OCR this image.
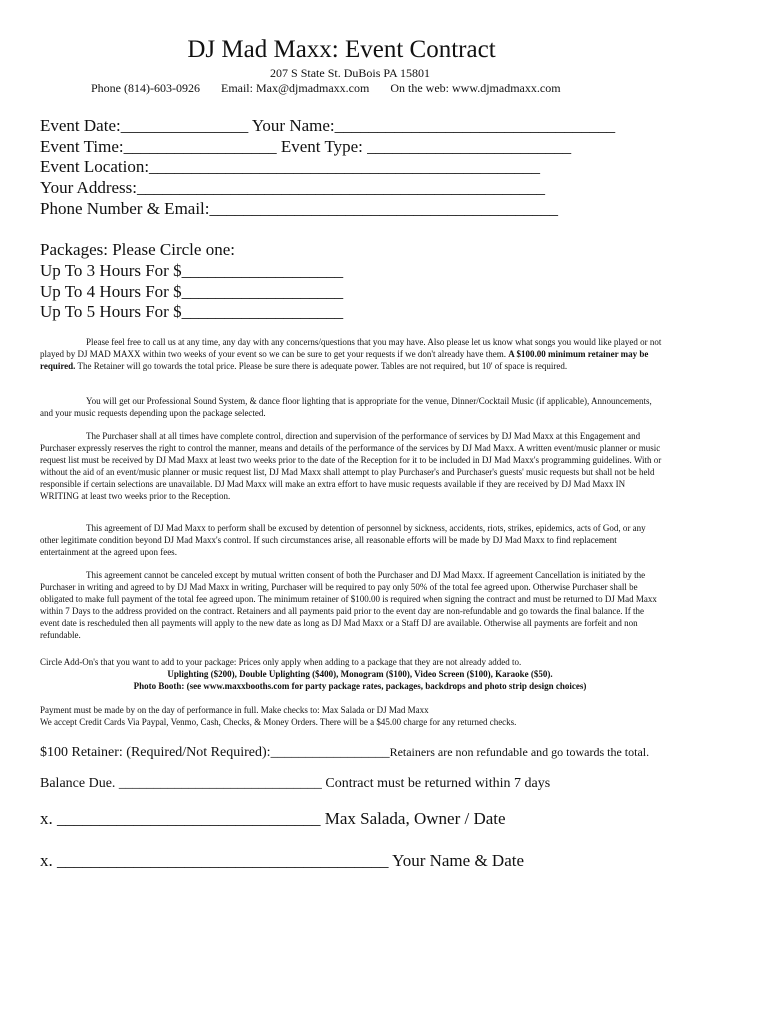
DJ Mad Maxx: Event Contract
207 S State St. DuBois PA 15801
Phone (814)-603-0926 Email: Max@djmadmaxx.com On the web: www.djmadmaxx.com
Event Date:_______________ Your Name:_________________________________
Event Time:__________________ Event Type: ________________________
Event Location:______________________________________________
Your Address:________________________________________________
Phone Number & Email:_________________________________________
Packages: Please Circle one:
Up To 3 Hours For $___________________
Up To 4 Hours For $___________________
Up To 5 Hours For $___________________

Please feel free to call us at any time, any day with any concerns/questions that you may have. Also please let us know what songs you would like played or not played by DJ MAD MAXX within two weeks of your event so we can be sure to get your requests if we don't already have them. A $100.00 minimum retainer may be required. The Retainer will go towards the total price. Please be sure there is adequate power. Tables are not required, but 10' of space is required.

You will get our Professional Sound System, & dance floor lighting that is appropriate for the venue, Dinner/Cocktail Music (if applicable), Announcements, and your music requests depending upon the package selected.

The Purchaser shall at all times have complete control, direction and supervision of the performance of services by DJ Mad Maxx at this Engagement and Purchaser expressly reserves the right to control the manner, means and details of the performance of the services by DJ Mad Maxx. A written event/music planner or music request list must be received by DJ Mad Maxx at least two weeks prior to the date of the Reception for it to be included in DJ Mad Maxx's programming guidelines. With or without the aid of an event/music planner or music request list, DJ Mad Maxx shall attempt to play Purchaser's and Purchaser's guests' music requests but shall not be held responsible if certain selections are unavailable. DJ Mad Maxx will make an extra effort to have music requests available if they are received by DJ Mad Maxx IN WRITING at least two weeks prior to the Reception.

This agreement of DJ Mad Maxx to perform shall be excused by detention of personnel by sickness, accidents, riots, strikes, epidemics, acts of God, or any other legitimate condition beyond DJ Mad Maxx's control. If such circumstances arise, all reasonable efforts will be made by DJ Mad Maxx to find replacement entertainment at the agreed upon fees.

This agreement cannot be canceled except by mutual written consent of both the Purchaser and DJ Mad Maxx. If agreement Cancellation is initiated by the Purchaser in writing and agreed to by DJ Mad Maxx in writing, Purchaser will be required to pay only 50% of the total fee agreed upon. Otherwise Purchaser shall be obligated to make full payment of the total fee agreed upon. The minimum retainer of $100.00 is required when signing the contract and must be returned to DJ Mad Maxx within 7 Days to the address provided on the contract. Retainers and all payments paid prior to the event day are non-refundable and go towards the final balance. If the event date is rescheduled then all payments will apply to the new date as long as DJ Mad Maxx or a Staff DJ are available. Otherwise all payments are forfeit and non refundable.

Circle Add-On's that you want to add to your package: Prices only apply when adding to a package that they are not already added to.

Uplighting ($200), Double Uplighting ($400), Monogram ($100), Video Screen ($100), Karaoke ($50).

Photo Booth: (see www.maxxbooths.com for party package rates, packages, backdrops and photo strip design choices)

Payment must be made by on the day of performance in full. Make checks to: Max Salada or DJ Mad Maxx

We accept Credit Cards Via Paypal, Venmo, Cash, Checks, & Money Orders. There will be a $45.00 charge for any returned checks.

$100 Retainer: (Required/Not Required):_________________Retainers are non refundable and go towards the total.
Balance Due. _____________________________ Contract must be returned within 7 days
x. _______________________________ Max Salada, Owner / Date
x. _______________________________________ Your Name & Date
